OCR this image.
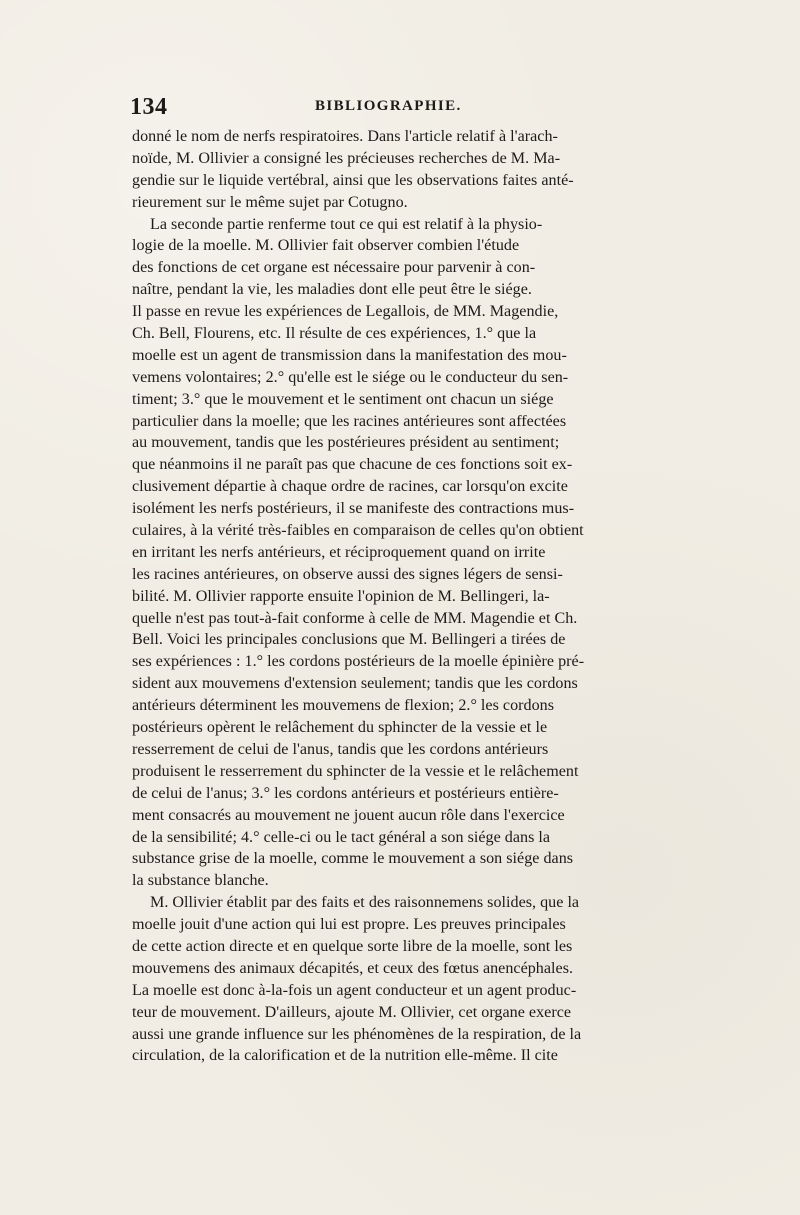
134	BIBLIOGRAPHIE.
donné le nom de nerfs respiratoires. Dans l'article relatif à l'arach-
noïde, M. Ollivier a consigné les précieuses recherches de M. Ma-
gendie sur le liquide vertébral, ainsi que les observations faites anté-
rieurement sur le même sujet par Cotugno.
La seconde partie renferme tout ce qui est relatif à la physio-
logie de la moelle. M. Ollivier fait observer combien l'étude
des fonctions de cet organe est nécessaire pour parvenir à con-
naître, pendant la vie, les maladies dont elle peut être le siége.
Il passe en revue les expériences de Legallois, de MM. Magendie,
Ch. Bell, Flourens, etc. Il résulte de ces expériences, 1.° que la
moelle est un agent de transmission dans la manifestation des mou-
vemens volontaires; 2.° qu'elle est le siége ou le conducteur du sen-
timent; 3.° que le mouvement et le sentiment ont chacun un siége
particulier dans la moelle; que les racines antérieures sont affectées
au mouvement, tandis que les postérieures président au sentiment;
que néanmoins il ne paraît pas que chacune de ces fonctions soit ex-
clusivement départie à chaque ordre de racines, car lorsqu'on excite
isolément les nerfs postérieurs, il se manifeste des contractions mus-
culaires, à la vérité très-faibles en comparaison de celles qu'on obtient
en irritant les nerfs antérieurs, et réciproquement quand on irrite
les racines antérieures, on observe aussi des signes légers de sensi-
bilité. M. Ollivier rapporte ensuite l'opinion de M. Bellingeri, la-
quelle n'est pas tout-à-fait conforme à celle de MM. Magendie et Ch.
Bell. Voici les principales conclusions que M. Bellingeri a tirées de
ses expériences : 1.° les cordons postérieurs de la moelle épinière pré-
sident aux mouvemens d'extension seulement; tandis que les cordons
antérieurs déterminent les mouvemens de flexion; 2.° les cordons
postérieurs opèrent le relâchement du sphincter de la vessie et le
resserrement de celui de l'anus, tandis que les cordons antérieurs
produisent le resserrement du sphincter de la vessie et le relâchement
de celui de l'anus; 3.° les cordons antérieurs et postérieurs entière-
ment consacrés au mouvement ne jouent aucun rôle dans l'exercice
de la sensibilité; 4.° celle-ci ou le tact général a son siége dans la
substance grise de la moelle, comme le mouvement a son siége dans
la substance blanche.
M. Ollivier établit par des faits et des raisonnemens solides, que la
moelle jouit d'une action qui lui est propre. Les preuves principales
de cette action directe et en quelque sorte libre de la moelle, sont les
mouvemens des animaux décapités, et ceux des fœtus anencéphales.
La moelle est donc à-la-fois un agent conducteur et un agent produc-
teur de mouvement. D'ailleurs, ajoute M. Ollivier, cet organe exerce
aussi une grande influence sur les phénomènes de la respiration, de la
circulation, de la calorification et de la nutrition elle-même. Il cite
